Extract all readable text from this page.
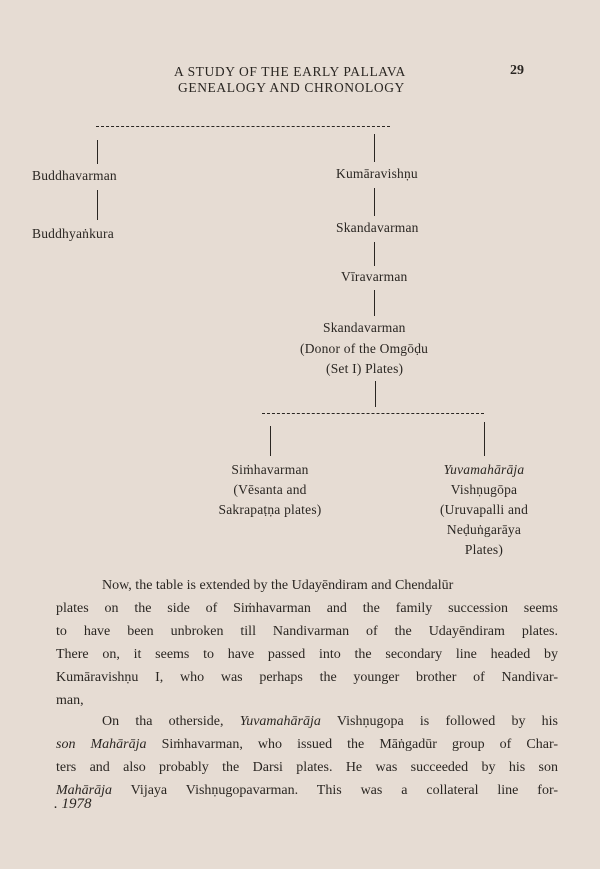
A STUDY OF THE EARLY PALLAVA
GENEALOGY AND CHRONOLOGY
29
Buddhavarman
Buddhyaṅkura
Kumāravishṇu
Skandavarman
Vīravarman
Skandavarman
(Donor of the Omgōḍu
(Set I) Plates)
Siṁhavarman
(Vēsanta and
Sakrapaṭṇa plates)
Yuvamahārāja
Vishṇugōpa
(Uruvapalli and
Neḍuṅgarāya
Plates)

Now, the table is extended by the Udayēndiram and Chendalūr

plates on the side of Siṁhavarman and the family succession seems

to have been unbroken till Nandivarman of the Udayēndiram plates.

There on, it seems to have passed into the secondary line headed by

Kumāravishṇu I, who was perhaps the younger brother of Nandivar-

man,

On tha otherside, Yuvamahārāja Vishṇugopa is followed by his

son Mahārāja Siṁhavarman, who issued the Māṅgadūr group of Char-

ters and also probably the Darsi plates. He was succeeded by his son

Mahārāja Vijaya Vishṇugopavarman. This was a collateral line for-

. 1978
